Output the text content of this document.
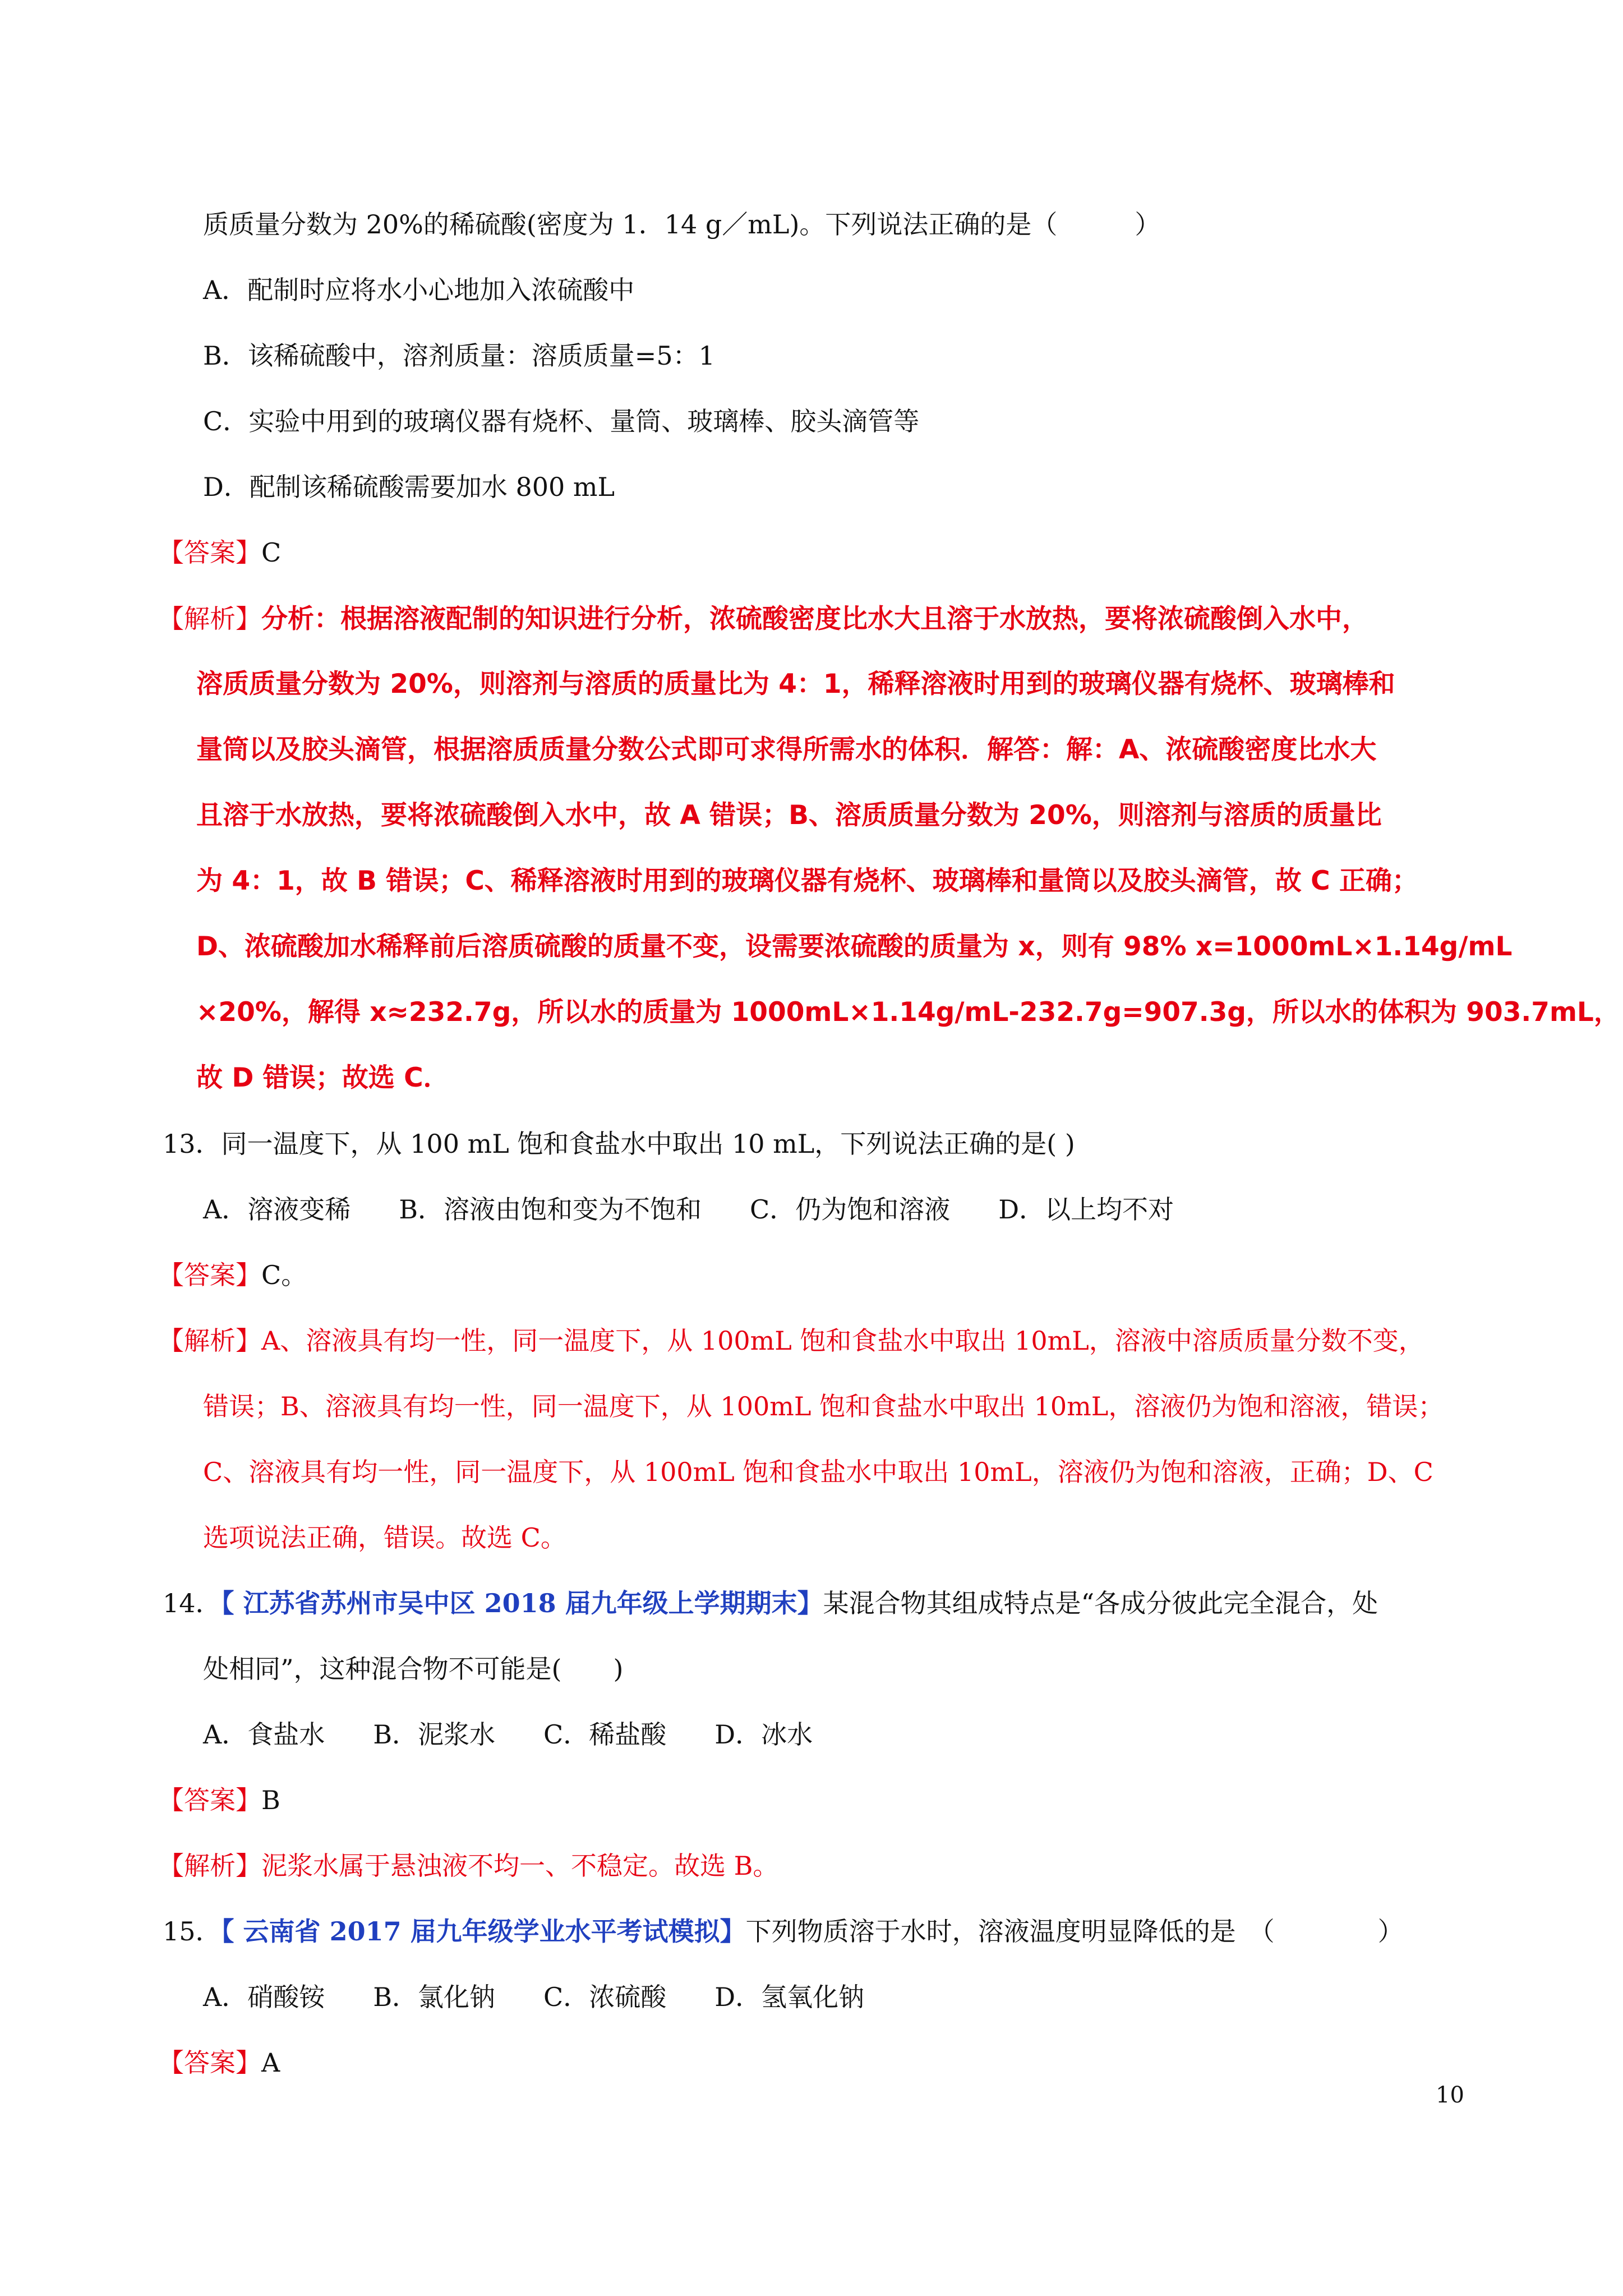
质质量分数为 20%的稀硫酸(密度为 1．14 g／mL)。下列说法正确的是（　　　）
A．配制时应将水小心地加入浓硫酸中
B．该稀硫酸中，溶剂质量：溶质质量=5：1
C．实验中用到的玻璃仪器有烧杯、量筒、玻璃棒、胶头滴管等
D．配制该稀硫酸需要加水 800 mL
【答案】C
【解析】分析：根据溶液配制的知识进行分析，浓硫酸密度比水大且溶于水放热，要将浓硫酸倒入水中，
溶质质量分数为 20%，则溶剂与溶质的质量比为 4：1，稀释溶液时用到的玻璃仪器有烧杯、玻璃棒和
量筒以及胶头滴管，根据溶质质量分数公式即可求得所需水的体积．解答：解：A、浓硫酸密度比水大
且溶于水放热，要将浓硫酸倒入水中，故 A 错误；B、溶质质量分数为 20%，则溶剂与溶质的质量比
为 4：1，故 B 错误；C、稀释溶液时用到的玻璃仪器有烧杯、玻璃棒和量筒以及胶头滴管，故 C 正确；
D、浓硫酸加水稀释前后溶质硫酸的质量不变，设需要浓硫酸的质量为 x，则有 98% x=1000mL×1.14g/mL
×20%，解得 x≈232.7g，所以水的质量为 1000mL×1.14g/mL-232.7g=907.3g，所以水的体积为 903.7mL，
故 D 错误；故选 C．
13．同一温度下，从 100 mL 饱和食盐水中取出 10 mL，下列说法正确的是( )
A．溶液变稀 B．溶液由饱和变为不饱和 C．仍为饱和溶液 D．以上均不对
【答案】C。
【解析】A、溶液具有均一性，同一温度下，从 100mL 饱和食盐水中取出 10mL，溶液中溶质质量分数不变，
错误；B、溶液具有均一性，同一温度下，从 100mL 饱和食盐水中取出 10mL，溶液仍为饱和溶液，错误；
C、溶液具有均一性，同一温度下，从 100mL 饱和食盐水中取出 10mL，溶液仍为饱和溶液，正确；D、C
选项说法正确，错误。故选 C。
14．【 江苏省苏州市吴中区 2018 届九年级上学期期末】某混合物其组成特点是“各成分彼此完全混合，处
处相同”，这种混合物不可能是(　　)
A．食盐水 B．泥浆水 C．稀盐酸 D．冰水
【答案】B
【解析】泥浆水属于悬浊液不均一、不稳定。故选 B。
15．【 云南省 2017 届九年级学业水平考试模拟】下列物质溶于水时，溶液温度明显降低的是　（　　　　）
A．硝酸铵 B．氯化钠 C．浓硫酸 D．氢氧化钠
【答案】A
10
